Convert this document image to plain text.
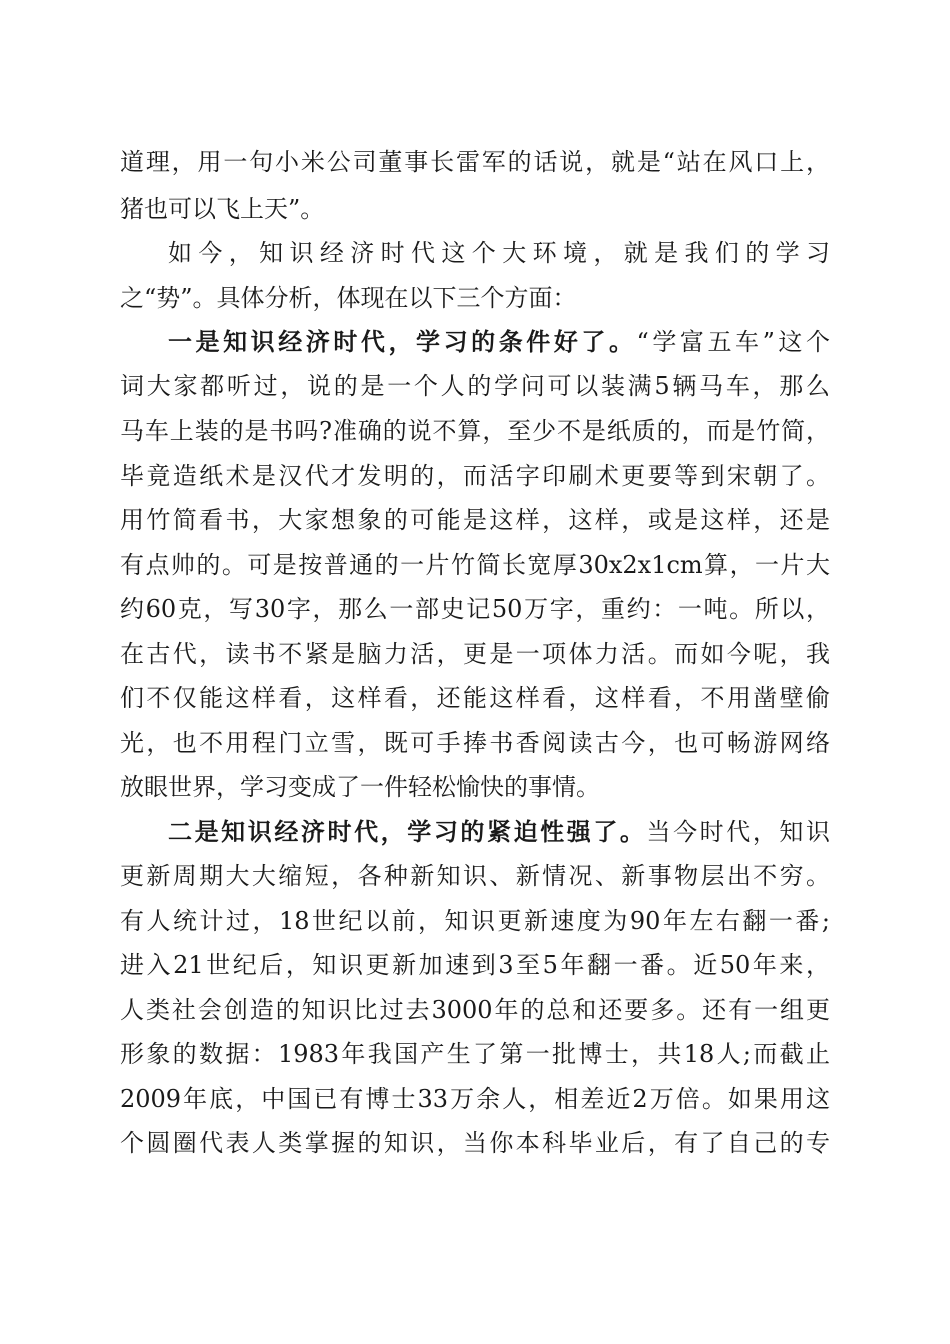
道理，用一句小米公司董事长雷军的话说，就是“站在风口上，
猪也可以飞上天”。
如今，知识经济时代这个大环境，就是我们的学习
之“势”。具体分析，体现在以下三个方面：
一是知识经济时代，学习的条件好了。“学富五车”这个
词大家都听过，说的是一个人的学问可以装满5辆马车，那么
马车上装的是书吗?准确的说不算，至少不是纸质的，而是竹简，
毕竟造纸术是汉代才发明的，而活字印刷术更要等到宋朝了。
用竹简看书，大家想象的可能是这样，这样，或是这样，还是
有点帅的。可是按普通的一片竹简长宽厚30x2x1cm算，一片大
约60克，写30字，那么一部史记50万字，重约：一吨。所以，
在古代，读书不紧是脑力活，更是一项体力活。而如今呢，我
们不仅能这样看，这样看，还能这样看，这样看，不用凿壁偷
光，也不用程门立雪，既可手捧书香阅读古今，也可畅游网络
放眼世界，学习变成了一件轻松愉快的事情。
二是知识经济时代，学习的紧迫性强了。当今时代，知识
更新周期大大缩短，各种新知识、新情况、新事物层出不穷。
有人统计过，18世纪以前，知识更新速度为90年左右翻一番;
进入21世纪后，知识更新加速到3至5年翻一番。近50年来，
人类社会创造的知识比过去3000年的总和还要多。还有一组更
形象的数据：1983年我国产生了第一批博士，共18人;而截止
2009年底，中国已有博士33万余人，相差近2万倍。如果用这
个圆圈代表人类掌握的知识，当你本科毕业后，有了自己的专
